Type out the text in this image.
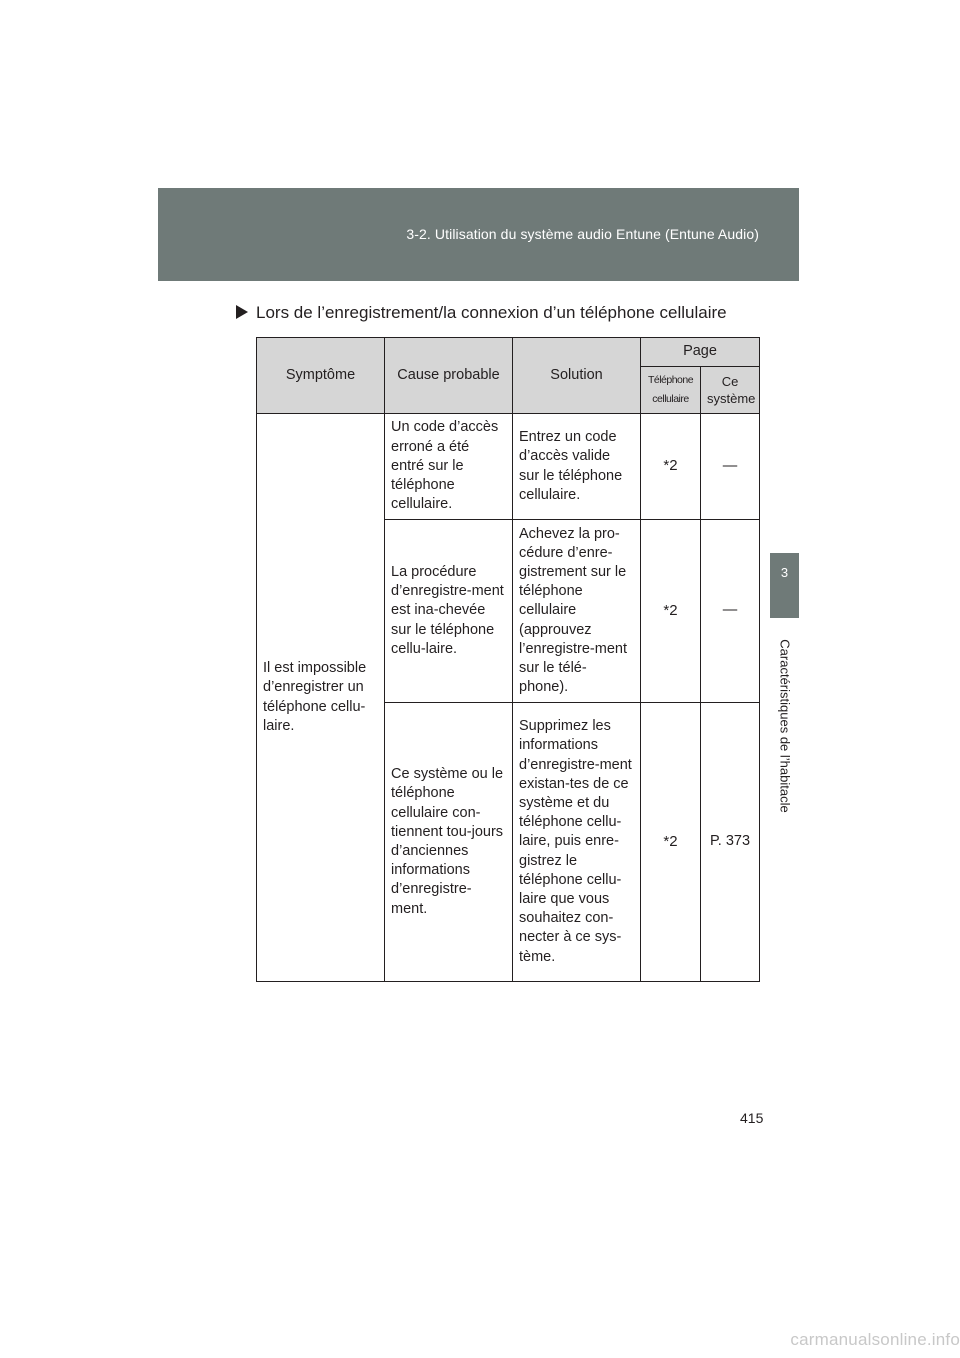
3-2. Utilisation du système audio Entune (Entune Audio)
3
Caractéristiques de l’habitacle
Lors de l’enregistrement/la connexion d’un téléphone cellulaire
Symptôme	Cause probable	Solution	Page	
			Téléphone cellulaire	Ce système
Il est impossible d’enregistrer un téléphone cellu-laire.	Un code d’accès erroné a été entré sur le téléphone cellulaire.	Entrez un code d’accès valide sur le téléphone cellulaire.	*2	—
	La procédure d’enregistre-ment est ina-chevée sur le téléphone cellu-laire.	Achevez la pro-cédure d’enre-gistrement sur le téléphone cellulaire (approuvez l’enregistre-ment sur le télé-phone).	*2	—
	Ce système ou le téléphone cellulaire con-tiennent tou-jours d’anciennes informations d’enregistre-ment.	Supprimez les informations d’enregistre-ment existan-tes de ce système et du téléphone cellu-laire, puis enre-gistrez le téléphone cellu-laire que vous souhaitez con-necter à ce sys-tème.	*2	P. 373
415
carmanualsonline.info
